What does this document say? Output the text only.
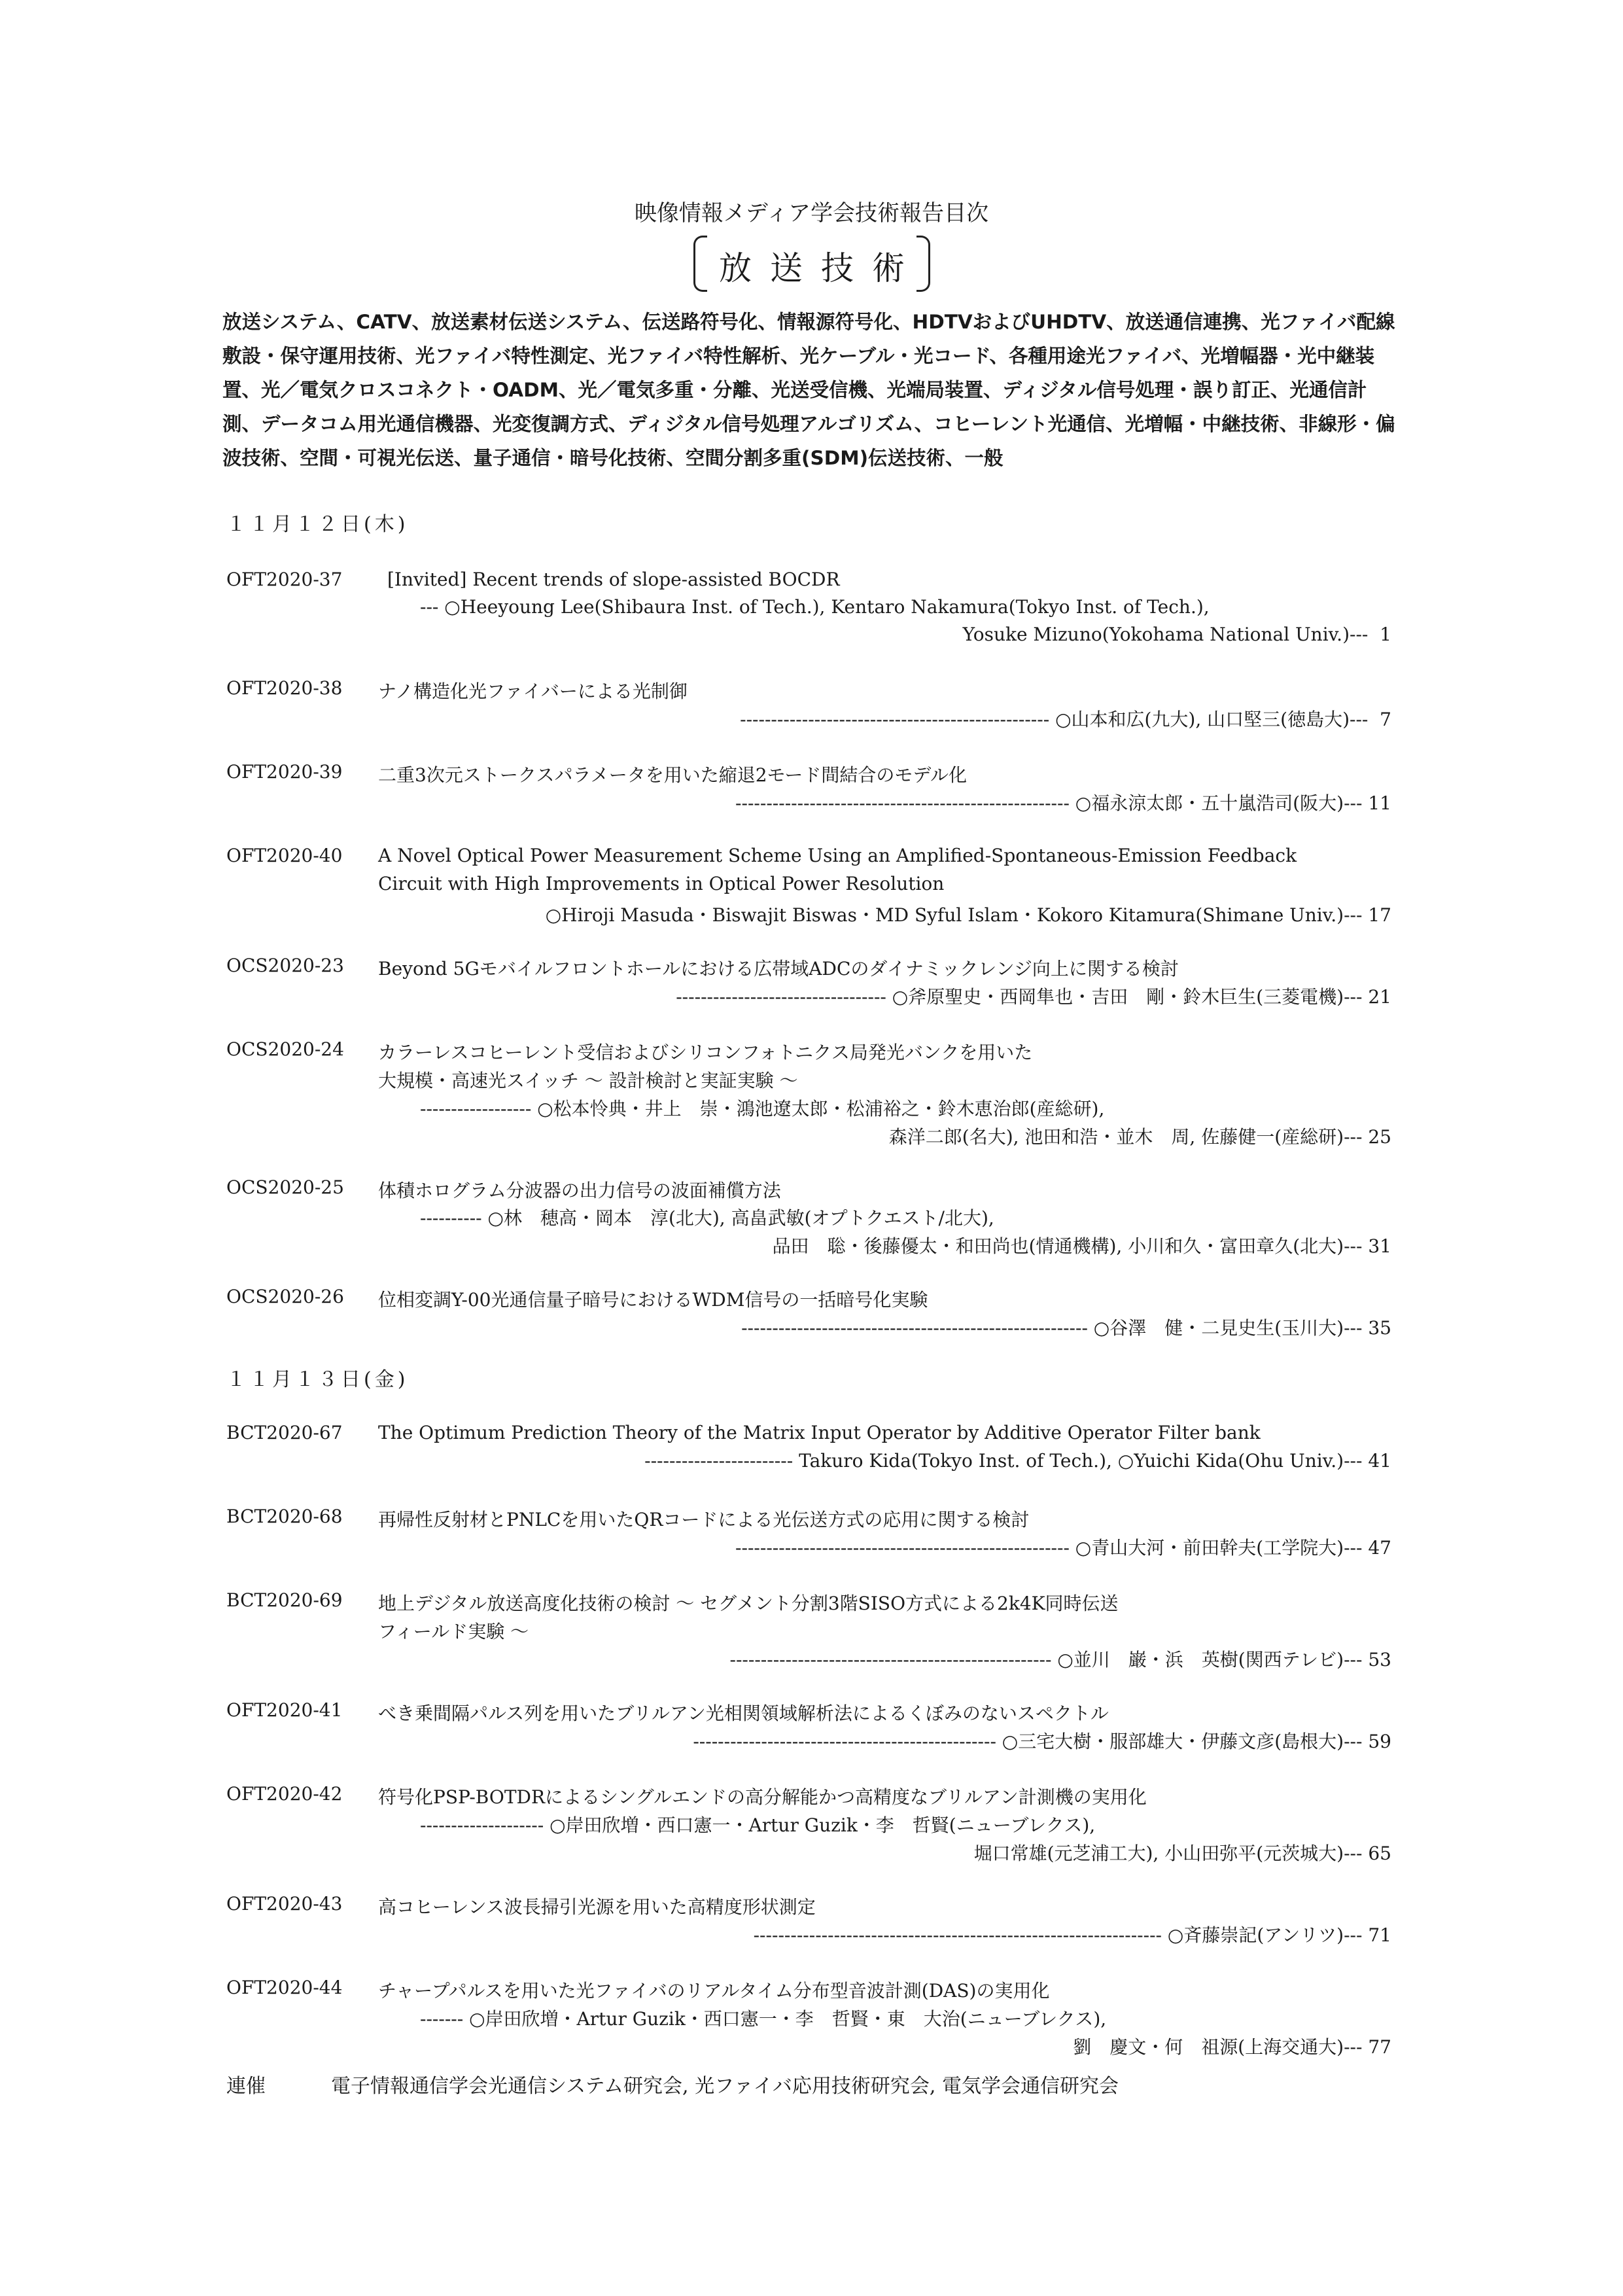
映像情報メディア学会技術報告目次
放送技術
放送システム、CATV、放送素材伝送システム、伝送路符号化、情報源符号化、HDTVおよびUHDTV、放送通信連携、光ファイバ配線敷設・保守運用技術、光ファイバ特性測定、光ファイバ特性解析、光ケーブル・光コード、各種用途光ファイバ、光増幅器・光中継装置、光／電気クロスコネクト・OADM、光／電気多重・分離、光送受信機、光端局装置、ディジタル信号処理・誤り訂正、光通信計測、データコム用光通信機器、光変復調方式、ディジタル信号処理アルゴリズム、コヒーレント光通信、光増幅・中継技術、非線形・偏波技術、空間・可視光伝送、量子通信・暗号化技術、空間分割多重(SDM)伝送技術、一般
１１月１２日(木)
OFT2020-37 [Invited] Recent trends of slope-assisted BOCDR
--- ○Heeyoung Lee(Shibaura Inst. of Tech.), Kentaro Nakamura(Tokyo Inst. of Tech.),
Yosuke Mizuno(Yokohama National Univ.)---  1
OFT2020-38 ナノ構造化光ファイバーによる光制御
-------------------------------------------------- ○山本和広(九大), 山口堅三(徳島大)---  7
OFT2020-39 二重3次元ストークスパラメータを用いた縮退2モード間結合のモデル化
------------------------------------------------------ ○福永涼太郎・五十嵐浩司(阪大)--- 11
OFT2020-40 A Novel Optical Power Measurement Scheme Using an Amplified-Spontaneous-Emission Feedback
Circuit with High Improvements in Optical Power Resolution
○Hiroji Masuda・Biswajit Biswas・MD Syful Islam・Kokoro Kitamura(Shimane Univ.)--- 17
OCS2020-23 Beyond 5Gモバイルフロントホールにおける広帯域ADCのダイナミックレンジ向上に関する検討
---------------------------------- ○斧原聖史・西岡隼也・吉田　剛・鈴木巨生(三菱電機)--- 21
OCS2020-24 カラーレスコヒーレント受信およびシリコンフォトニクス局発光バンクを用いた
大規模・高速光スイッチ 〜 設計検討と実証実験 〜
------------------ ○松本怜典・井上　崇・鴻池遼太郎・松浦裕之・鈴木恵治郎(産総研),
森洋二郎(名大), 池田和浩・並木　周, 佐藤健一(産総研)--- 25
OCS2020-25 体積ホログラム分波器の出力信号の波面補償方法
---------- ○林　穂高・岡本　淳(北大), 高畠武敏(オプトクエスト/北大),
品田　聡・後藤優太・和田尚也(情通機構), 小川和久・富田章久(北大)--- 31
OCS2020-26 位相変調Y-00光通信量子暗号におけるWDM信号の一括暗号化実験
-------------------------------------------------------- ○谷澤　健・二見史生(玉川大)--- 35
１１月１３日(金)
BCT2020-67 The Optimum Prediction Theory of the Matrix Input Operator by Additive Operator Filter bank
------------------------ Takuro Kida(Tokyo Inst. of Tech.), ○Yuichi Kida(Ohu Univ.)--- 41
BCT2020-68 再帰性反射材とPNLCを用いたQRコードによる光伝送方式の応用に関する検討
------------------------------------------------------ ○青山大河・前田幹夫(工学院大)--- 47
BCT2020-69 地上デジタル放送高度化技術の検討 〜 セグメント分割3階SISO方式による2k4K同時伝送
フィールド実験 〜
---------------------------------------------------- ○並川　巌・浜　英樹(関西テレビ)--- 53
OFT2020-41 べき乗間隔パルス列を用いたブリルアン光相関領域解析法によるくぼみのないスペクトル
------------------------------------------------- ○三宅大樹・服部雄大・伊藤文彦(島根大)--- 59
OFT2020-42 符号化PSP-BOTDRによるシングルエンドの高分解能かつ高精度なブリルアン計測機の実用化
-------------------- ○岸田欣増・西口憲一・Artur Guzik・李　哲賢(ニューブレクス),
堀口常雄(元芝浦工大), 小山田弥平(元茨城大)--- 65
OFT2020-43 高コヒーレンス波長掃引光源を用いた高精度形状測定
------------------------------------------------------------------ ○斉藤崇記(アンリツ)--- 71
OFT2020-44 チャープパルスを用いた光ファイバのリアルタイム分布型音波計測(DAS)の実用化
------- ○岸田欣増・Artur Guzik・西口憲一・李　哲賢・東　大治(ニューブレクス),
劉　慶文・何　祖源(上海交通大)--- 77
連催	電子情報通信学会光通信システム研究会, 光ファイバ応用技術研究会, 電気学会通信研究会
